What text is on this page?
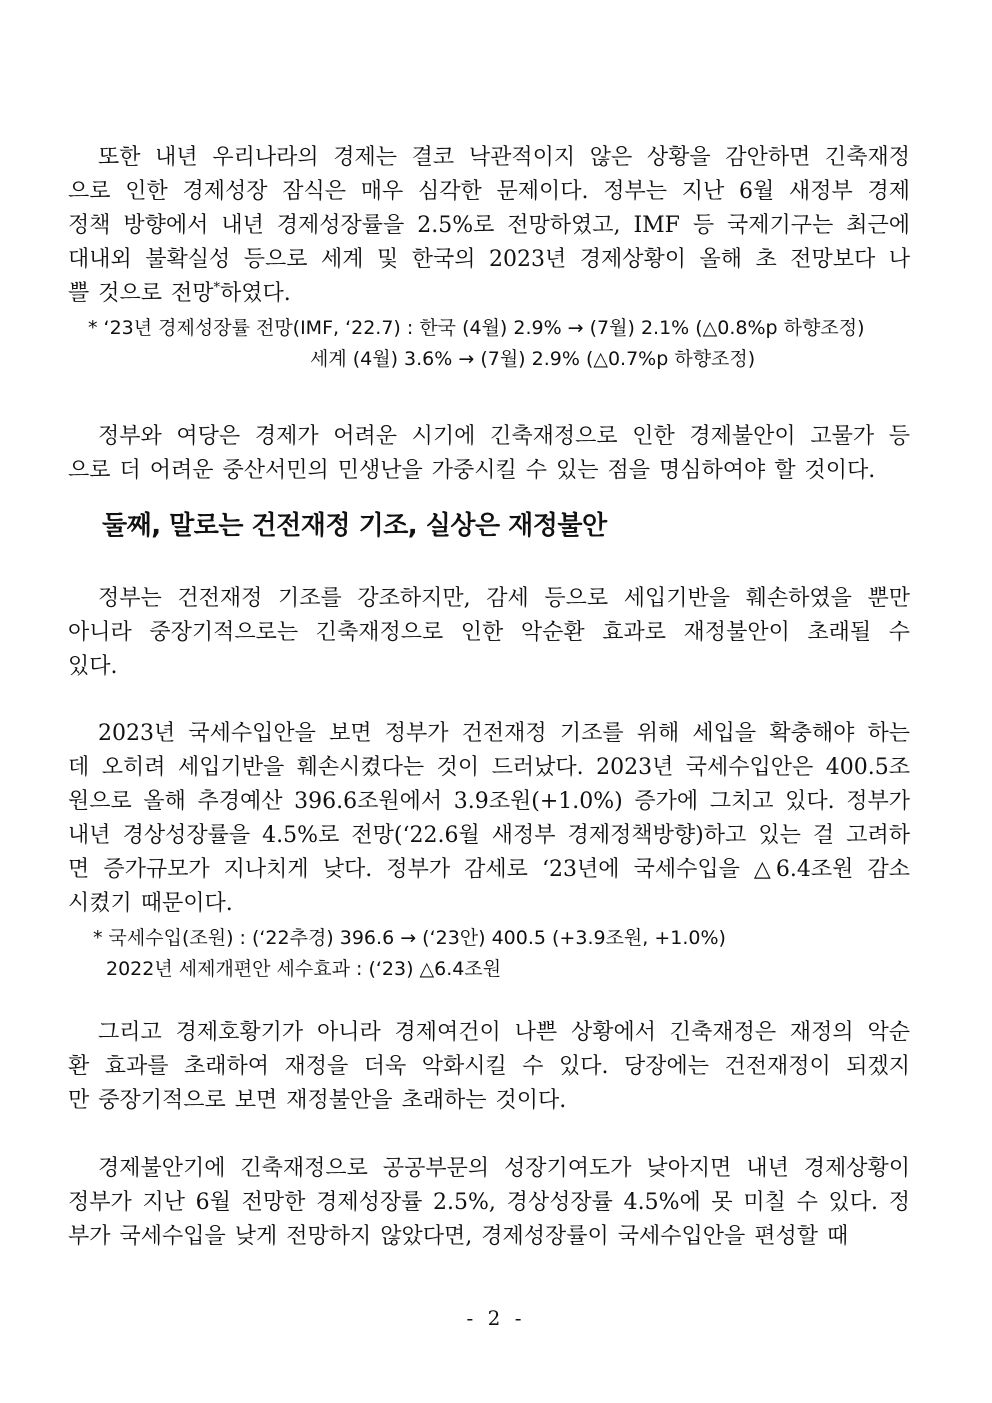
또한 내년 우리나라의 경제는 결코 낙관적이지 않은 상황을 감안하면 긴축재정
으로 인한 경제성장 잠식은 매우 심각한 문제이다. 정부는 지난 6월 새정부 경제
정책 방향에서 내년 경제성장률을 2.5%로 전망하였고, IMF 등 국제기구는 최근에
대내외 불확실성 등으로 세계 및 한국의 2023년 경제상황이 올해 초 전망보다 나
쁠 것으로 전망*하였다.
* ‘23년 경제성장률 전망(IMF, ‘22.7) : 한국 (4월) 2.9% → (7월) 2.1% (△0.8%p 하향조정)
세계 (4월) 3.6% → (7월) 2.9% (△0.7%p 하향조정)
정부와 여당은 경제가 어려운 시기에 긴축재정으로 인한 경제불안이 고물가 등
으로 더 어려운 중산서민의 민생난을 가중시킬 수 있는 점을 명심하여야 할 것이다.
둘째, 말로는 건전재정 기조, 실상은 재정불안
정부는 건전재정 기조를 강조하지만, 감세 등으로 세입기반을 훼손하였을 뿐만
아니라 중장기적으로는 긴축재정으로 인한 악순환 효과로 재정불안이 초래될 수
있다.
2023년 국세수입안을 보면 정부가 건전재정 기조를 위해 세입을 확충해야 하는
데 오히려 세입기반을 훼손시켰다는 것이 드러났다. 2023년 국세수입안은 400.5조
원으로 올해 추경예산 396.6조원에서 3.9조원(+1.0%) 증가에 그치고 있다. 정부가
내년 경상성장률을 4.5%로 전망(‘22.6월 새정부 경제정책방향)하고 있는 걸 고려하
면 증가규모가 지나치게 낮다. 정부가 감세로 ‘23년에 국세수입을 △6.4조원 감소
시켰기 때문이다.
* 국세수입(조원) : (‘22추경) 396.6 → (‘23안) 400.5 (+3.9조원, +1.0%)
2022년 세제개편안 세수효과 : (‘23) △6.4조원
그리고 경제호황기가 아니라 경제여건이 나쁜 상황에서 긴축재정은 재정의 악순
환 효과를 초래하여 재정을 더욱 악화시킬 수 있다. 당장에는 건전재정이 되겠지
만 중장기적으로 보면 재정불안을 초래하는 것이다.
경제불안기에 긴축재정으로 공공부문의 성장기여도가 낮아지면 내년 경제상황이
정부가 지난 6월 전망한 경제성장률 2.5%, 경상성장률 4.5%에 못 미칠 수 있다. 정
부가 국세수입을 낮게 전망하지 않았다면, 경제성장률이 국세수입안을 편성할 때
- 2 -
